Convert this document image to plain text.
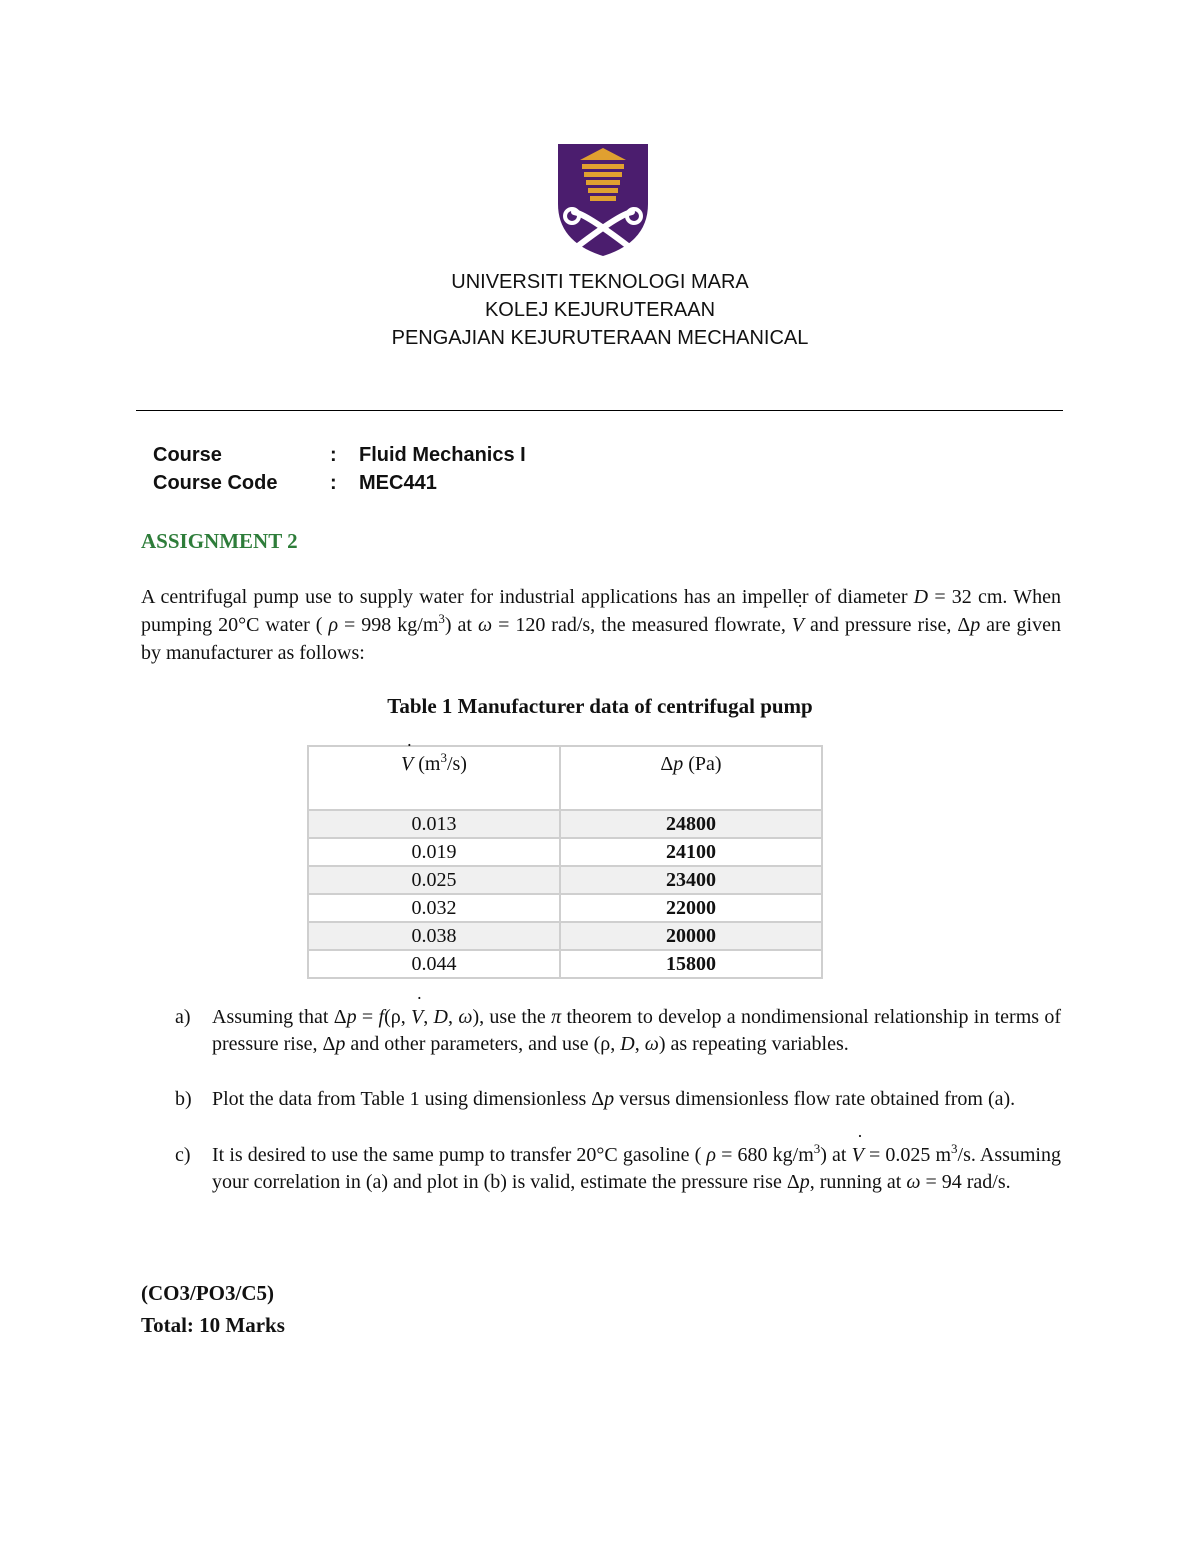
UNIVERSITI TEKNOLOGI MARA
KOLEJ KEJURUTERAAN
PENGAJIAN KEJURUTERAAN MECHANICAL
Course	: Fluid Mechanics I
Course Code	: MEC441
ASSIGNMENT 2
A centrifugal pump use to supply water for industrial applications has an impeller of diameter D = 32 cm. When pumping 20°C water ( ρ = 998 $kg/m^3$) at ω = 120 rad/s, the measured flowrate, ˙ V and pressure rise, Δp are given by manufacturer as follows:
Table 1 Manufacturer data of centrifugal pump
˙ V $(m^3/s)$	Δp (Pa)
0.013	24800
0.019	24100
0.025	23400
0.032	22000
0.038	20000
0.044	15800
a) Assuming that Δp = f(ρ, ˙ V, D, ω), use the π theorem to develop a nondimensional relationship in terms of pressure rise, Δp and other parameters, and use (ρ, D, ω) as repeating variables.
b) Plot the data from Table 1 using dimensionless Δp versus dimensionless flow rate obtained from (a).
c) It is desired to use the same pump to transfer 20°C gasoline ( ρ = 680 $kg/m^3$) at ˙ V = 0.025 $m^3/s$. Assuming your correlation in (a) and plot in (b) is valid, estimate the pressure rise Δp, running at ω = 94 rad/s.
(CO3/PO3/C5)
Total: 10 Marks
